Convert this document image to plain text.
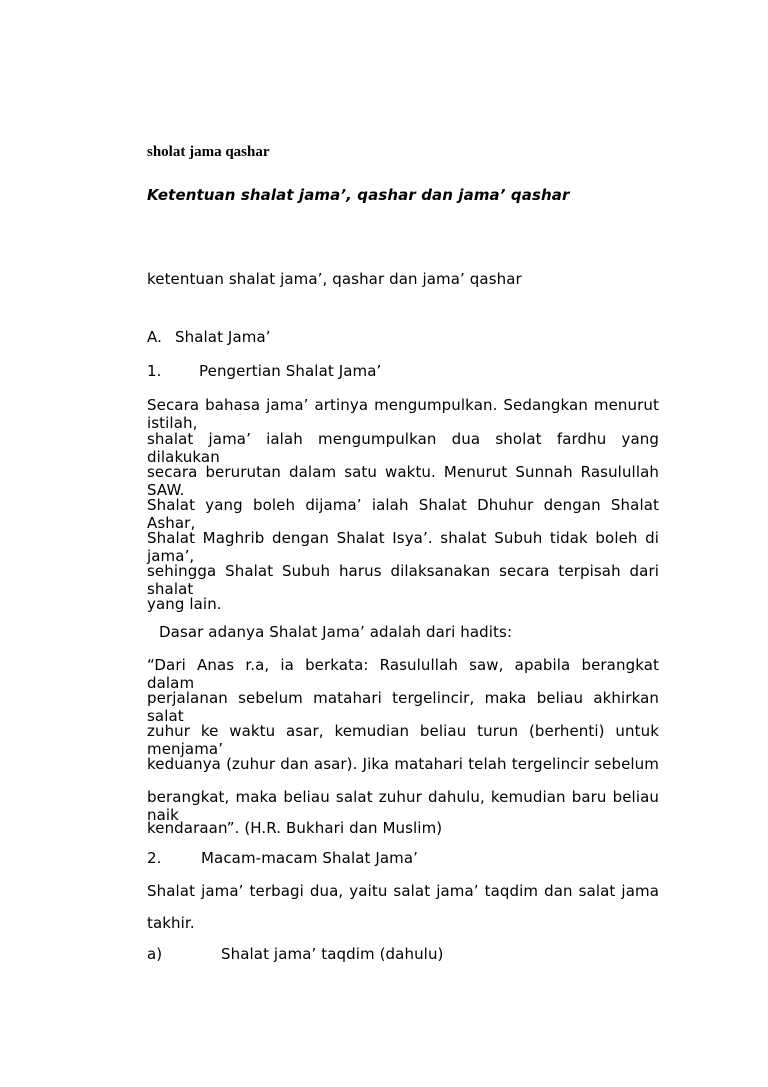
sholat jama qashar
Ketentuan shalat jama’, qashar dan jama’ qashar
ketentuan shalat jama’, qashar dan jama’ qashar
A. Shalat Jama’
1. Pengertian Shalat Jama’
Secara bahasa jama’ artinya mengumpulkan. Sedangkan menurut istilah,
shalat jama’ ialah mengumpulkan dua sholat fardhu yang dilakukan
secara berurutan dalam satu waktu. Menurut Sunnah Rasulullah SAW.
Shalat yang boleh dijama’ ialah Shalat Dhuhur dengan Shalat Ashar,
Shalat Maghrib dengan Shalat Isya’. shalat Subuh tidak boleh di jama’,
sehingga Shalat Subuh harus dilaksanakan secara terpisah dari shalat
yang lain.
Dasar adanya Shalat Jama’ adalah dari hadits:
“Dari Anas r.a, ia berkata: Rasulullah saw, apabila berangkat dalam
perjalanan sebelum matahari tergelincir, maka beliau akhirkan salat
zuhur ke waktu asar, kemudian beliau turun (berhenti) untuk menjama’
keduanya (zuhur dan asar). Jika matahari telah tergelincir sebelum
berangkat, maka beliau salat zuhur dahulu, kemudian baru beliau naik
kendaraan”. (H.R. Bukhari dan Muslim)
2.	Macam-macam Shalat Jama’
Shalat jama’ terbagi dua, yaitu salat jama’ taqdim dan salat jama
takhir.
a)	Shalat jama’ taqdim (dahulu)
